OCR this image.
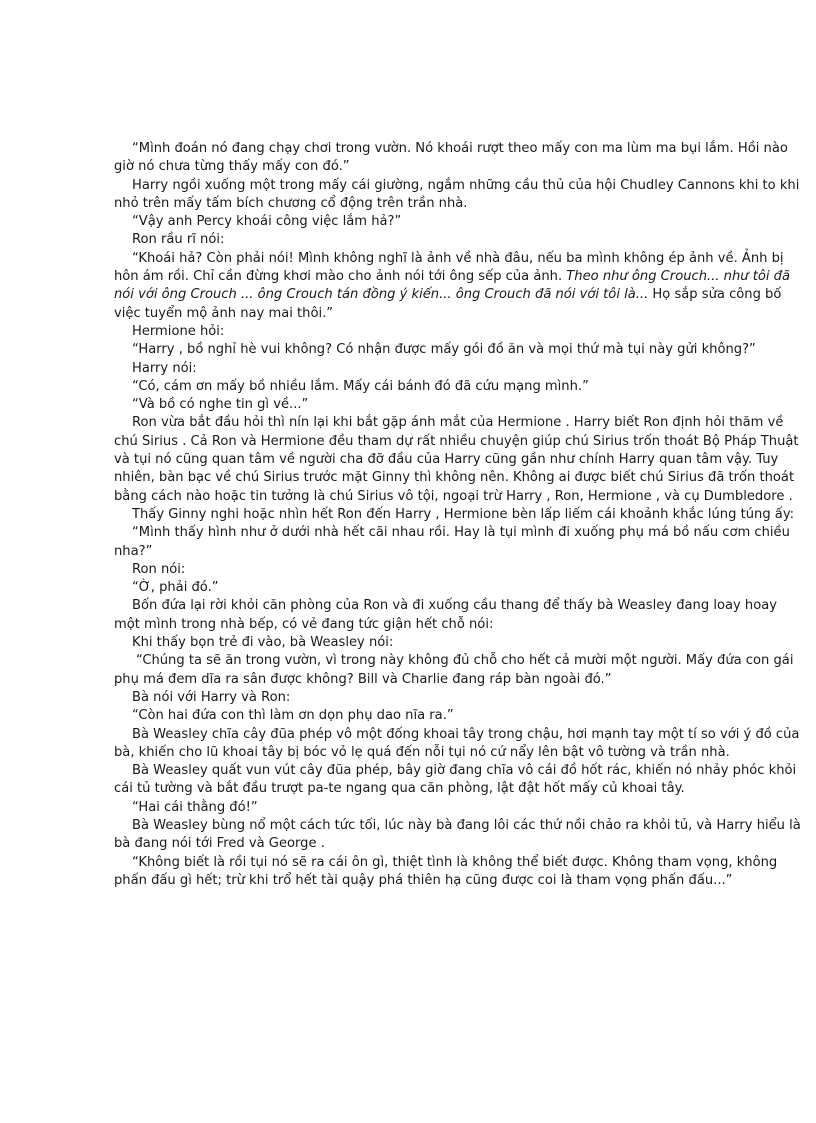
“Mình đoán nó đang chạy chơi trong vườn. Nó khoái rượt theo mấy con ma lùm ma bụi lắm. Hồi nào giờ nó chưa từng thấy mấy con đó.”

Harry ngồi xuống một trong mấy cái giường, ngắm những cầu thủ của hội Chudley Cannons khi to khi nhỏ trên mấy tấm bích chương cổ động trên trần nhà.

“Vậy anh Percy khoái công việc lắm hả?”

Ron rầu rĩ nói:

“Khoái hả? Còn phải nói! Mình không nghĩ là ảnh về nhà đâu, nếu ba mình không ép ảnh về. Ảnh bị hôn ám rồi. Chỉ cần đừng khơi mào cho ảnh nói tới ông sếp của ảnh. Theo như ông Crouch... như tôi đã nói với ông Crouch ... ông Crouch tán đồng ý kiến... ông Crouch đã nói với tôi là... Họ sắp sửa công bố việc tuyển mộ ảnh nay mai thôi.”

Hermione hỏi:

“Harry , bồ nghỉ hè vui không? Có nhận được mấy gói đồ ăn và mọi thứ mà tụi này gửi không?”

Harry nói:

“Có, cám ơn mấy bồ nhiều lắm. Mấy cái bánh đó đã cứu mạng mình.”

“Và bồ có nghe tin gì về...”

Ron vừa bắt đầu hỏi thì nín lại khi bắt gặp ánh mắt của Hermione . Harry biết Ron định hỏi thăm về chú Sirius . Cả Ron và Hermione đều tham dự rất nhiều chuyện giúp chú Sirius trốn thoát Bộ Pháp Thuật và tụi nó cũng quan tâm về người cha đỡ đầu của Harry cũng gần như chính Harry quan tâm vậy. Tuy nhiên, bàn bạc về chú Sirius trước mặt Ginny thì không nên. Không ai được biết chú Sirius đã trốn thoát bằng cách nào hoặc tin tưởng là chú Sirius vô tội, ngoại trừ Harry , Ron, Hermione , và cụ Dumbledore .

Thấy Ginny nghi hoặc nhìn hết Ron đến Harry , Hermione bèn lấp liếm cái khoảnh khắc lúng túng ấy:

“Mình thấy hình như ở dưới nhà hết cãi nhau rồi. Hay là tụi mình đi xuống phụ má bồ nấu cơm chiều nha?”

Ron nói:

“Ờ, phải đó.”

Bốn đứa lại rời khỏi căn phòng của Ron và đi xuống cầu thang để thấy bà Weasley đang loay hoay một mình trong nhà bếp, có vẻ đang tức giận hết chỗ nói:

Khi thấy bọn trẻ đi vào, bà Weasley nói:

“Chúng ta sẽ ăn trong vườn, vì trong này không đủ chỗ cho hết cả mười một người. Mấy đứa con gái phụ má đem dĩa ra sân được không? Bill và Charlie đang ráp bàn ngoài đó.”

Bà nói với Harry và Ron:

“Còn hai đứa con thì làm ơn dọn phụ dao nĩa ra.”

Bà Weasley chĩa cây đũa phép vô một đống khoai tây trong chậu, hơi mạnh tay một tí so với ý đồ của bà, khiến cho lũ khoai tây bị bóc vỏ lẹ quá đến nỗi tụi nó cứ nẩy lên bật vô tường và trần nhà.

Bà Weasley quất vun vút cây đũa phép, bây giờ đang chĩa vô cái đồ hốt rác, khiến nó nhảy phóc khỏi cái tủ tường và bắt đầu trượt pa-te ngang qua căn phòng, lật đật hốt mấy củ khoai tây.

“Hai cái thằng đó!”

Bà Weasley bùng nổ một cách tức tối, lúc này bà đang lôi các thứ nồi chảo ra khỏi tủ, và Harry hiểu là bà đang nói tới Fred và George .

“Không biết là rồi tụi nó sẽ ra cái ôn gì, thiệt tình là không thể biết được. Không tham vọng, không phấn đấu gì hết; trừ khi trổ hết tài quậy phá thiên hạ cũng được coi là tham vọng phấn đấu...”
